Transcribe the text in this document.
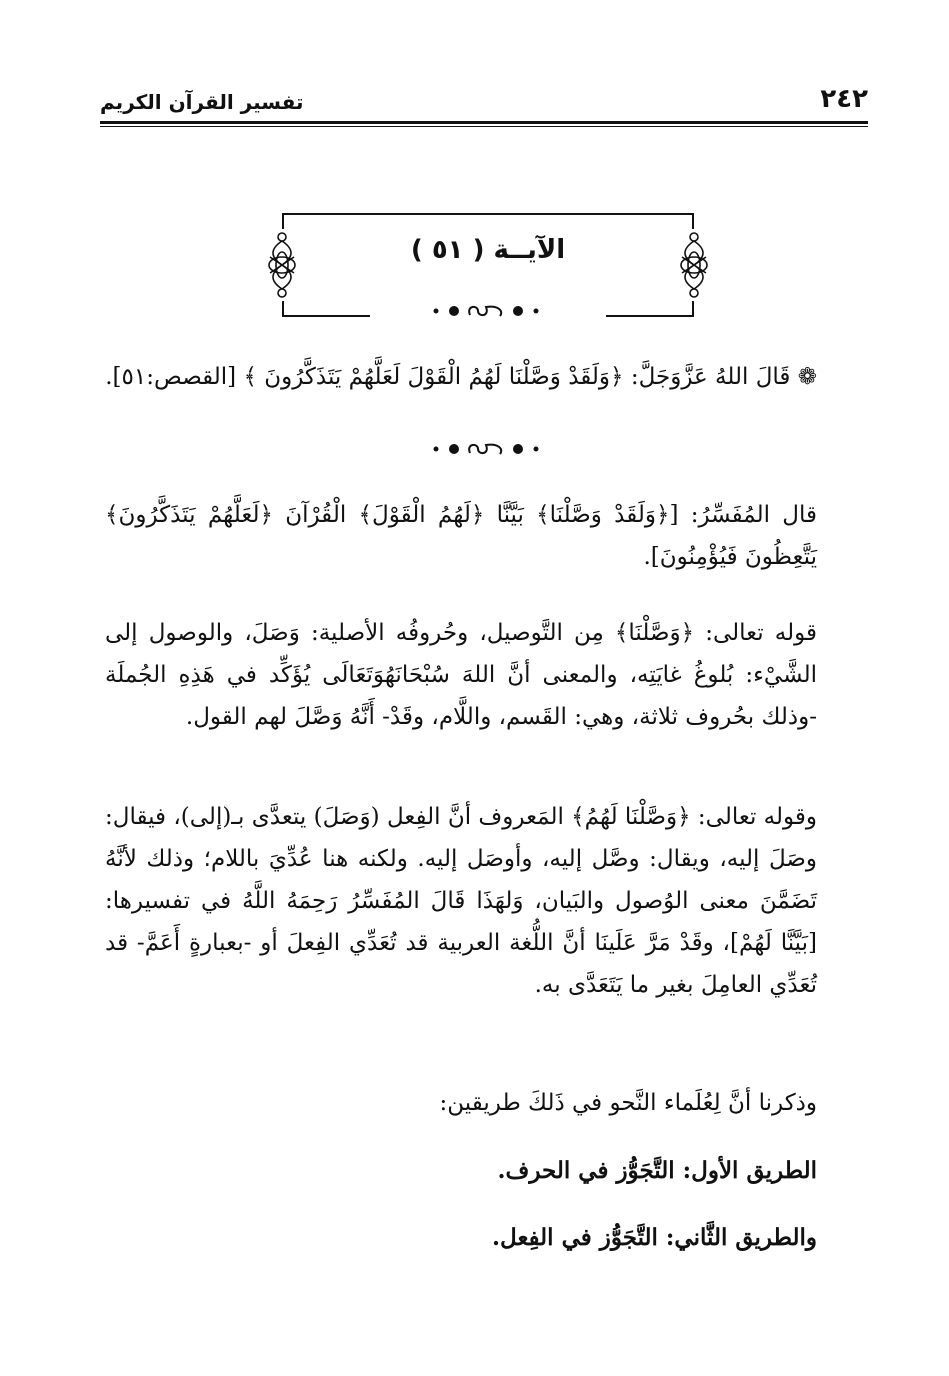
٢٤٢
تفسير القرآن الكريم
الآيــة ( ٥١ )
❁ قَالَ اللهُ عَزَّوَجَلَّ: ﴿وَلَقَدْ وَصَّلْنَا لَهُمُ الْقَوْلَ لَعَلَّهُمْ يَتَذَكَّرُونَ ﴾ [القصص:٥١].
قال المُفَسِّرُ: [﴿وَلَقَدْ وَصَّلْنَا﴾ بَيَّنَّا ﴿لَهُمُ الْقَوْلَ﴾ الْقُرْآنَ ﴿لَعَلَّهُمْ يَتَذَكَّرُونَ﴾ يَتَّعِظُونَ فَيُؤْمِنُونَ].
قوله تعالى: ﴿وَصَّلْنَا﴾ مِن التَّوصيل، وحُروفُه الأصلية: وَصَلَ، والوصول إلى الشَّيْء: بُلوغُ غايَتِه، والمعنى أنَّ اللهَ سُبْحَانَهُوَتَعَالَى يُؤَكِّد في هَذِهِ الجُملَة -وذلك بحُروف ثلاثة، وهي: القَسم، واللَّام، وقَدْ- أَنَّهُ وَصَّلَ لهم القول.
وقوله تعالى: ﴿وَصَّلْنَا لَهُمُ﴾ المَعروف أنَّ الفِعل (وَصَلَ) يتعدَّى بـ(إلى)، فيقال: وصَلَ إليه، ويقال: وصَّل إليه، وأوصَل إليه. ولكنه هنا عُدِّيَ باللام؛ وذلك لأنَّهُ تَضَمَّنَ معنى الوُصول والبَيان، وَلهَذَا قَالَ المُفَسِّرُ رَحِمَهُ اللَّهُ في تفسيرها: [بَيَّنَّا لَهُمْ]، وقَدْ مَرَّ عَلَينَا أنَّ اللُّغة العربية قد تُعَدِّي الفِعلَ أو -بعبارةٍ أَعَمَّ- قد تُعَدِّي العامِلَ بغير ما يَتَعَدَّى به.
وذكرنا أنَّ لِعُلَماء النَّحو في ذَلكَ طريقين:
الطريق الأول: التَّجَوُّز في الحرف.
والطريق الثَّاني: التَّجَوُّز في الفِعل.
